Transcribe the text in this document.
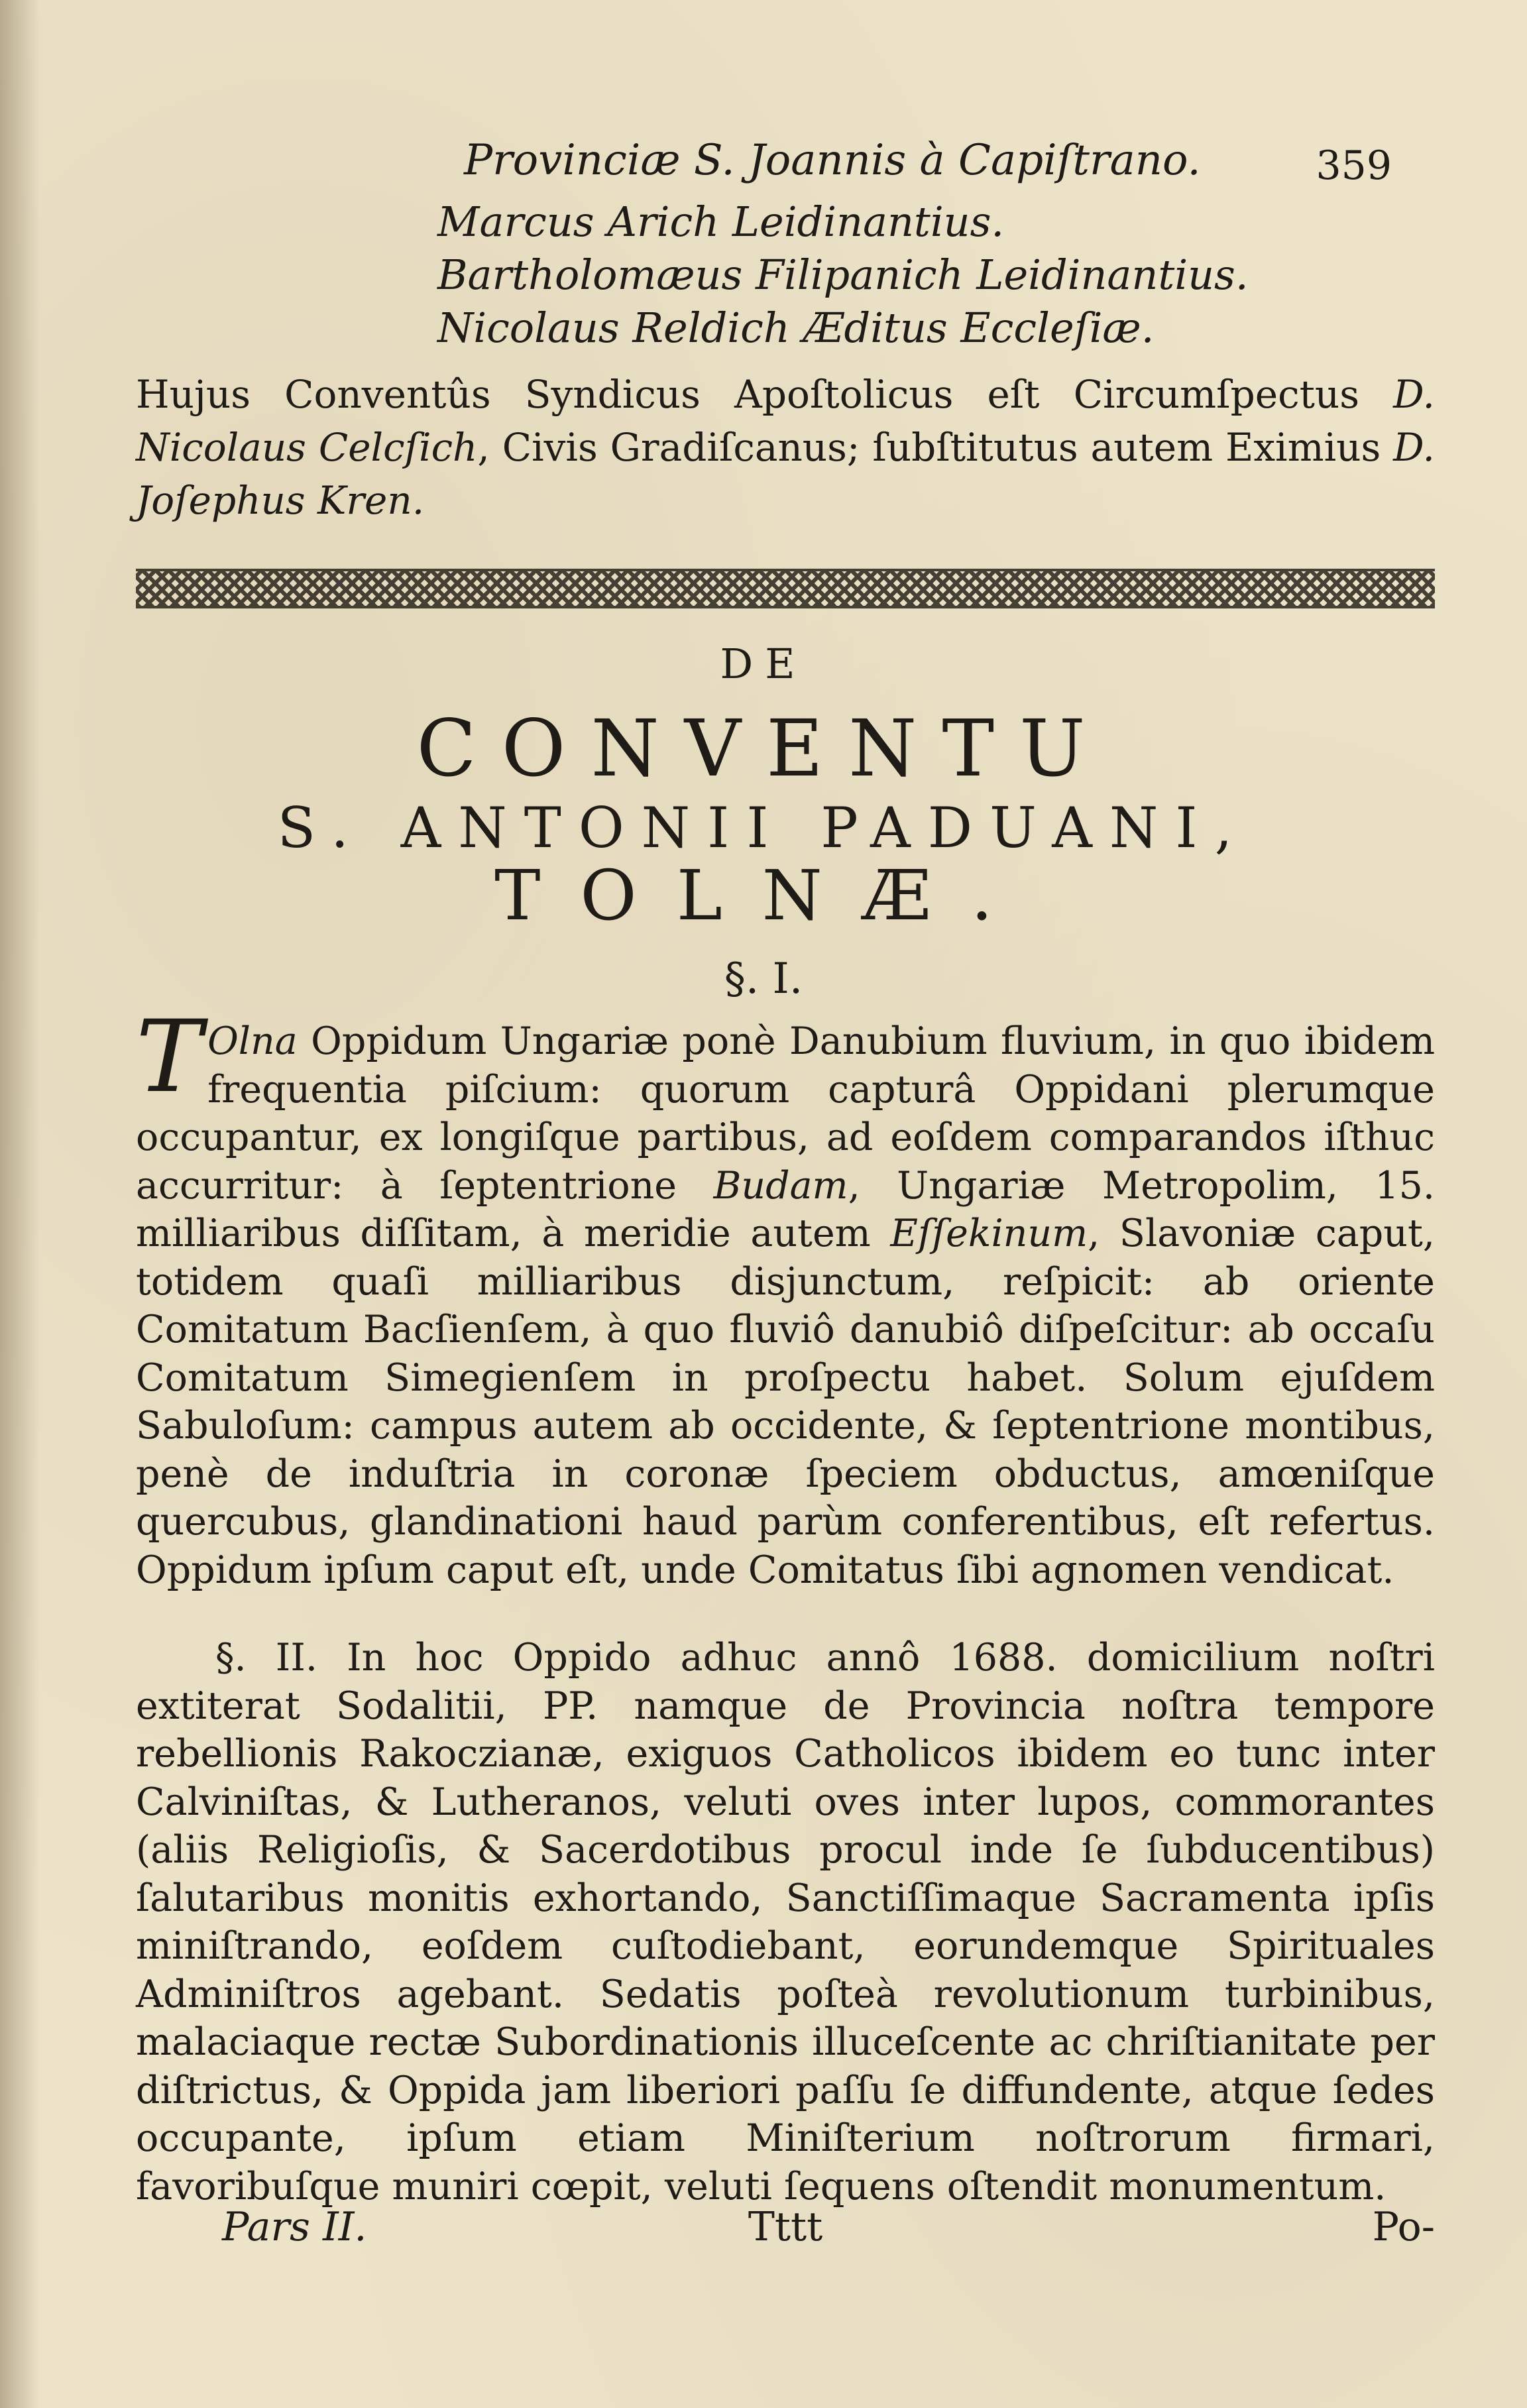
Provinciæ S. Joannis à Capiſtrano.	359
Marcus Arich Leidinantius.
Bartholomæus Filipanich Leidinantius.
Nicolaus Reldich Æditus Eccleſiæ.
Hujus Conventûs Syndicus Apoſtolicus eſt Circumſpectus D. Nicolaus Celcſich, Civis Gradiſcanus; ſubſtitutus autem Eximius D. Joſephus Kren.
DE
CONVENTU
S. ANTONII PADUANI,
TOLNÆ.
§. I.
T Olna Oppidum Ungariæ ponè Danubium fluvium, in quo ibidem frequentia piſcium: quorum capturâ Oppidani plerumque occupantur, ex longiſque partibus, ad eoſdem comparandos iſthuc accurritur: à ſeptentrione Budam, Ungariæ Metropolim, 15. milliaribus diſſitam, à meridie autem Eſſekinum, Slavoniæ caput, totidem quaſi milliaribus disjunctum, reſpicit: ab oriente Comitatum Bacſienſem, à quo fluviô danubiô diſpeſcitur: ab occaſu Comitatum Simegienſem in proſpectu habet. Solum ejuſdem Sabuloſum: campus autem ab occidente, & ſeptentrione montibus, penè de induſtria in coronæ ſpeciem obductus, amœniſque quercubus, glandinationi haud parùm conferentibus, eſt refertus. Oppidum ipſum caput eſt, unde Comitatus ſibi agnomen vendicat.
§. II. In hoc Oppido adhuc annô 1688. domicilium noſtri extiterat Sodalitii, PP. namque de Provincia noſtra tempore rebellionis Rakoczianæ, exiguos Catholicos ibidem eo tunc inter Calviniſtas, & Lutheranos, veluti oves inter lupos, commorantes (aliis Religioſis, & Sacerdotibus procul inde ſe ſubducentibus) ſalutaribus monitis exhortando, Sanctiſſimaque Sacramenta ipſis miniſtrando, eoſdem cuſtodiebant, eorundemque Spirituales Adminiſtros agebant. Sedatis poſteà revolutionum turbinibus, malaciaque rectæ Subordinationis illuceſcente ac chriſtianitate per diſtrictus, & Oppida jam liberiori paſſu ſe diffundente, atque ſedes occupante, ipſum etiam Miniſterium noſtrorum firmari, favoribuſque muniri cœpit, veluti ſequens oſtendit monumentum.
Pars II.	Tttt	Po-
